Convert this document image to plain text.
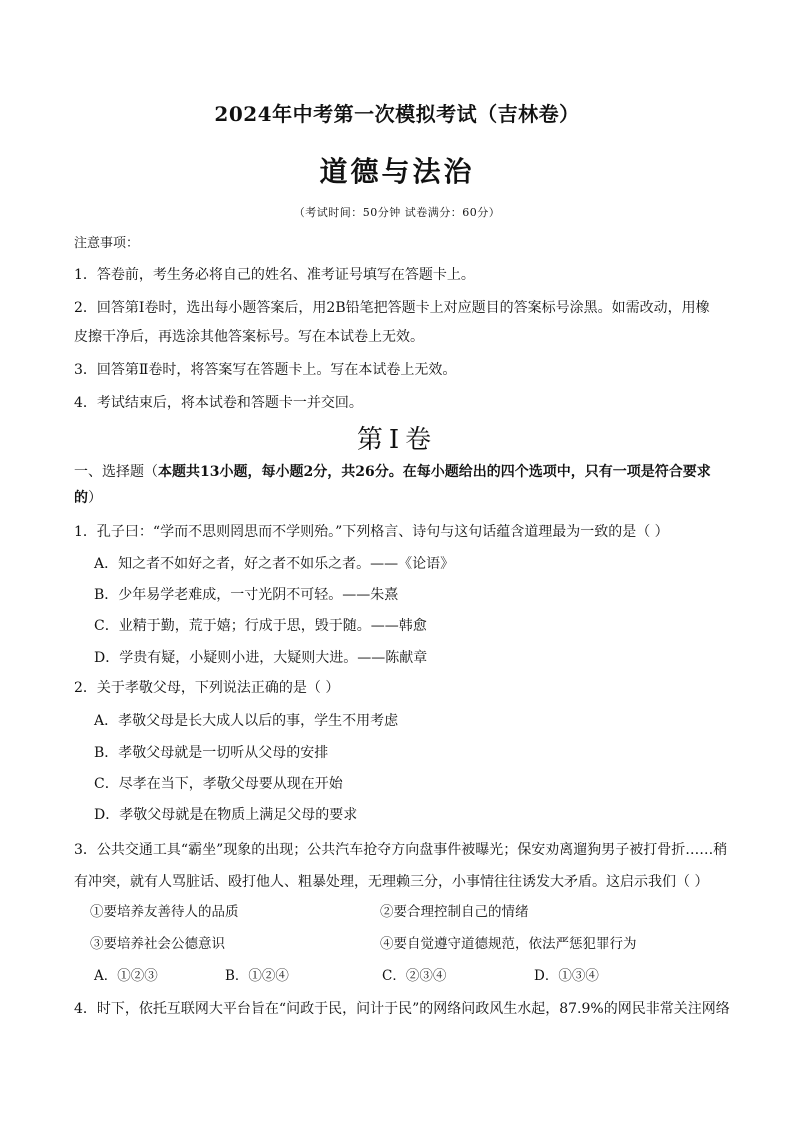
2024年中考第一次模拟考试（吉林卷）
道德与法治
（考试时间：50分钟 试卷满分：60分）
注意事项：
1．答卷前，考生务必将自己的姓名、准考证号填写在答题卡上。
2．回答第Ⅰ卷时，选出每小题答案后，用2B铅笔把答题卡上对应题目的答案标号涂黑。如需改动，用橡
皮擦干净后，再选涂其他答案标号。写在本试卷上无效。
3．回答第Ⅱ卷时，将答案写在答题卡上。写在本试卷上无效。
4．考试结束后，将本试卷和答题卡一并交回。
第Ⅰ卷
一、选择题（本题共13小题，每小题2分，共26分。在每小题给出的四个选项中，只有一项是符合要求
的）
1．孔子曰：“学而不思则罔思而不学则殆。”下列格言、诗句与这句话蕴含道理最为一致的是（ ）
A．知之者不如好之者，好之者不如乐之者。——《论语》
B．少年易学老难成，一寸光阴不可轻。——朱熹
C．业精于勤，荒于嬉；行成于思，毁于随。——韩愈
D．学贵有疑，小疑则小进，大疑则大进。——陈献章
2．关于孝敬父母，下列说法正确的是（ ）
A．孝敬父母是长大成人以后的事，学生不用考虑
B．孝敬父母就是一切听从父母的安排
C．尽孝在当下，孝敬父母要从现在开始
D．孝敬父母就是在物质上满足父母的要求
3．公共交通工具“霸坐”现象的出现；公共汽车抢夺方向盘事件被曝光；保安劝离遛狗男子被打骨折……稍
有冲突，就有人骂脏话、殴打他人、粗暴处理，无理赖三分，小事情往往诱发大矛盾。这启示我们（ ）
①要培养友善待人的品质	②要合理控制自己的情绪
③要培养社会公德意识	④要自觉遵守道德规范，依法严惩犯罪行为
A．①②③	B．①②④	C．②③④	D．①③④
4．时下，依托互联网大平台旨在“问政于民，问计于民”的网络问政风生水起，87.9%的网民非常关注网络
